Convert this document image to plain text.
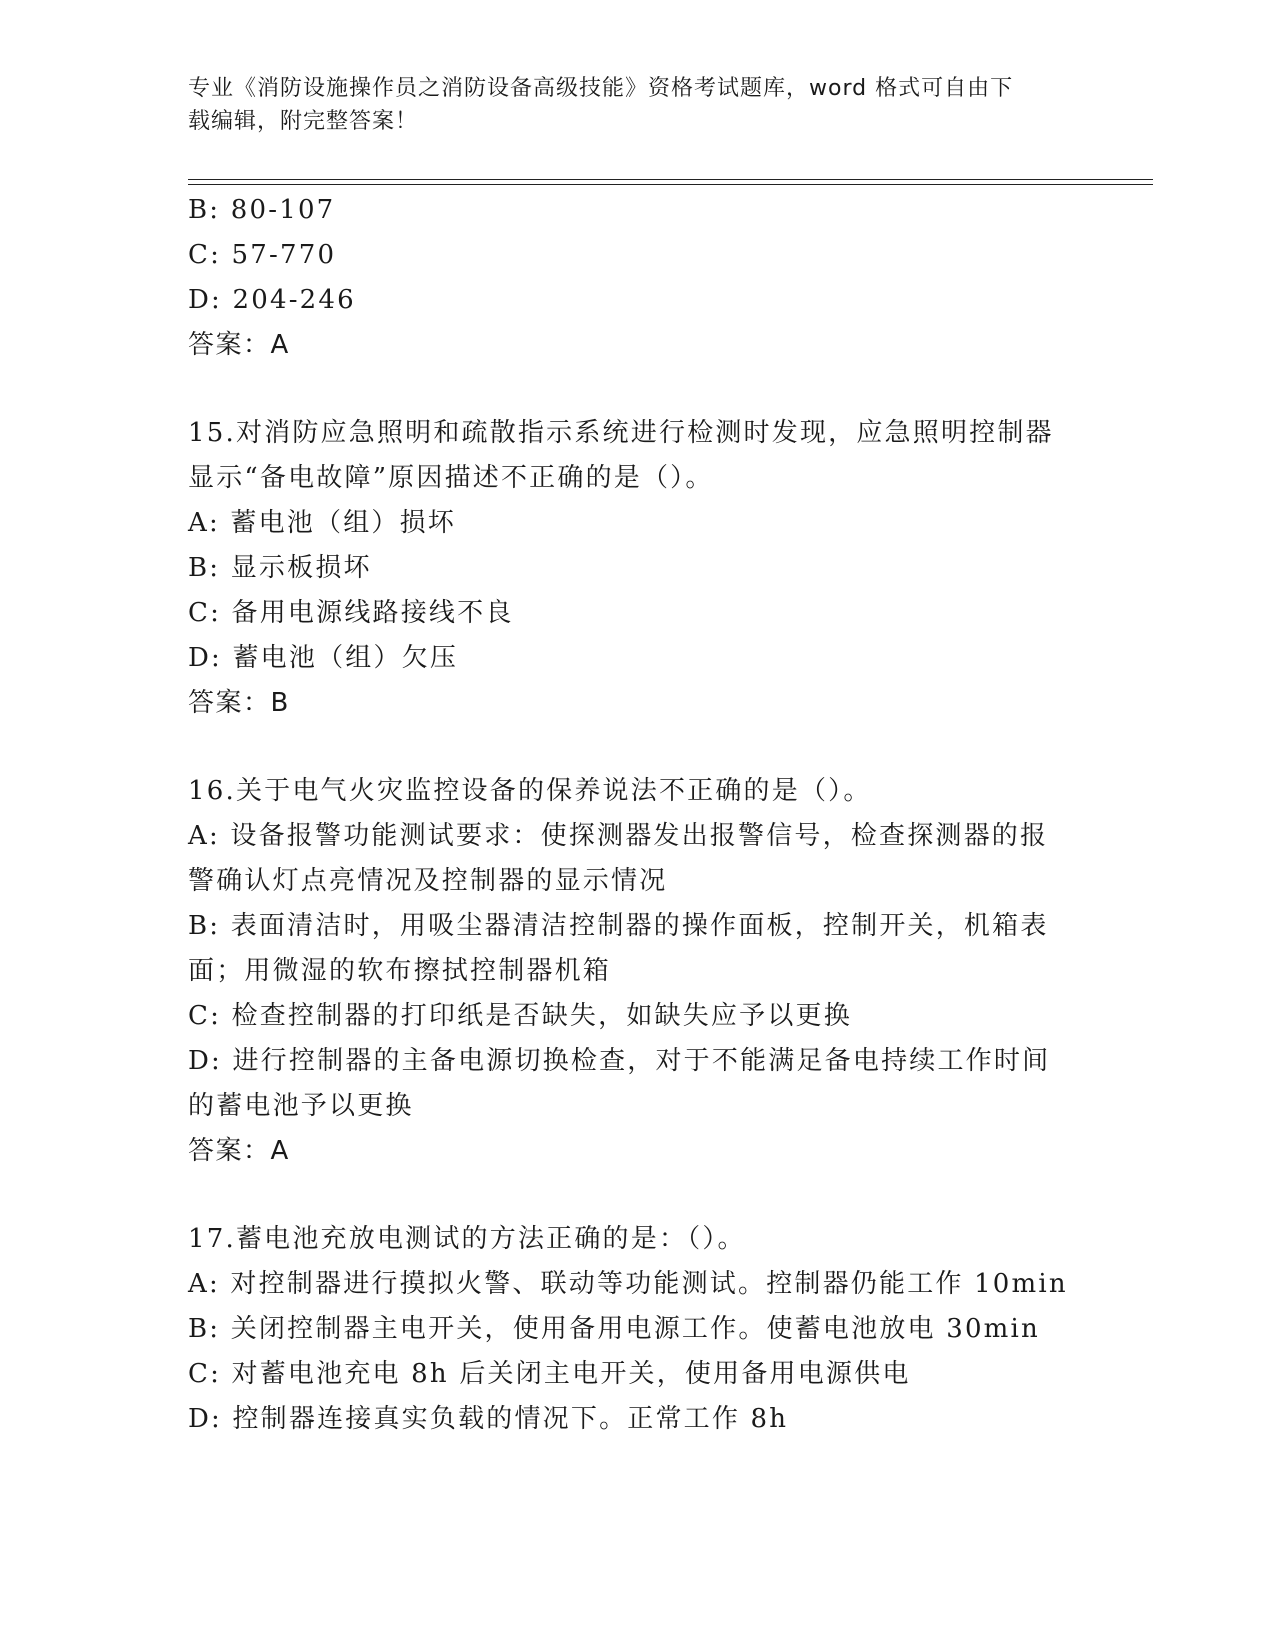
专业《消防设施操作员之消防设备高级技能》资格考试题库，word 格式可自由下
载编辑，附完整答案！
B: 80-107
C: 57-770
D: 204-246
答案：A
15.对消防应急照明和疏散指示系统进行检测时发现，应急照明控制器
显示“备电故障”原因描述不正确的是（）。
A: 蓄电池（组）损坏
B: 显示板损坏
C: 备用电源线路接线不良
D: 蓄电池（组）欠压
答案：B
16.关于电气火灾监控设备的保养说法不正确的是（）。
A: 设备报警功能测试要求：使探测器发出报警信号，检查探测器的报
警确认灯点亮情况及控制器的显示情况
B: 表面清洁时，用吸尘器清洁控制器的操作面板，控制开关，机箱表
面；用微湿的软布擦拭控制器机箱
C: 检查控制器的打印纸是否缺失，如缺失应予以更换
D: 进行控制器的主备电源切换检查，对于不能满足备电持续工作时间
的蓄电池予以更换
答案：A
17.蓄电池充放电测试的方法正确的是：（）。
A: 对控制器进行摸拟火警、联动等功能测试。控制器仍能工作 10min
B: 关闭控制器主电开关，使用备用电源工作。使蓄电池放电 30min
C: 对蓄电池充电 8h 后关闭主电开关，使用备用电源供电
D: 控制器连接真实负载的情况下。正常工作 8h
